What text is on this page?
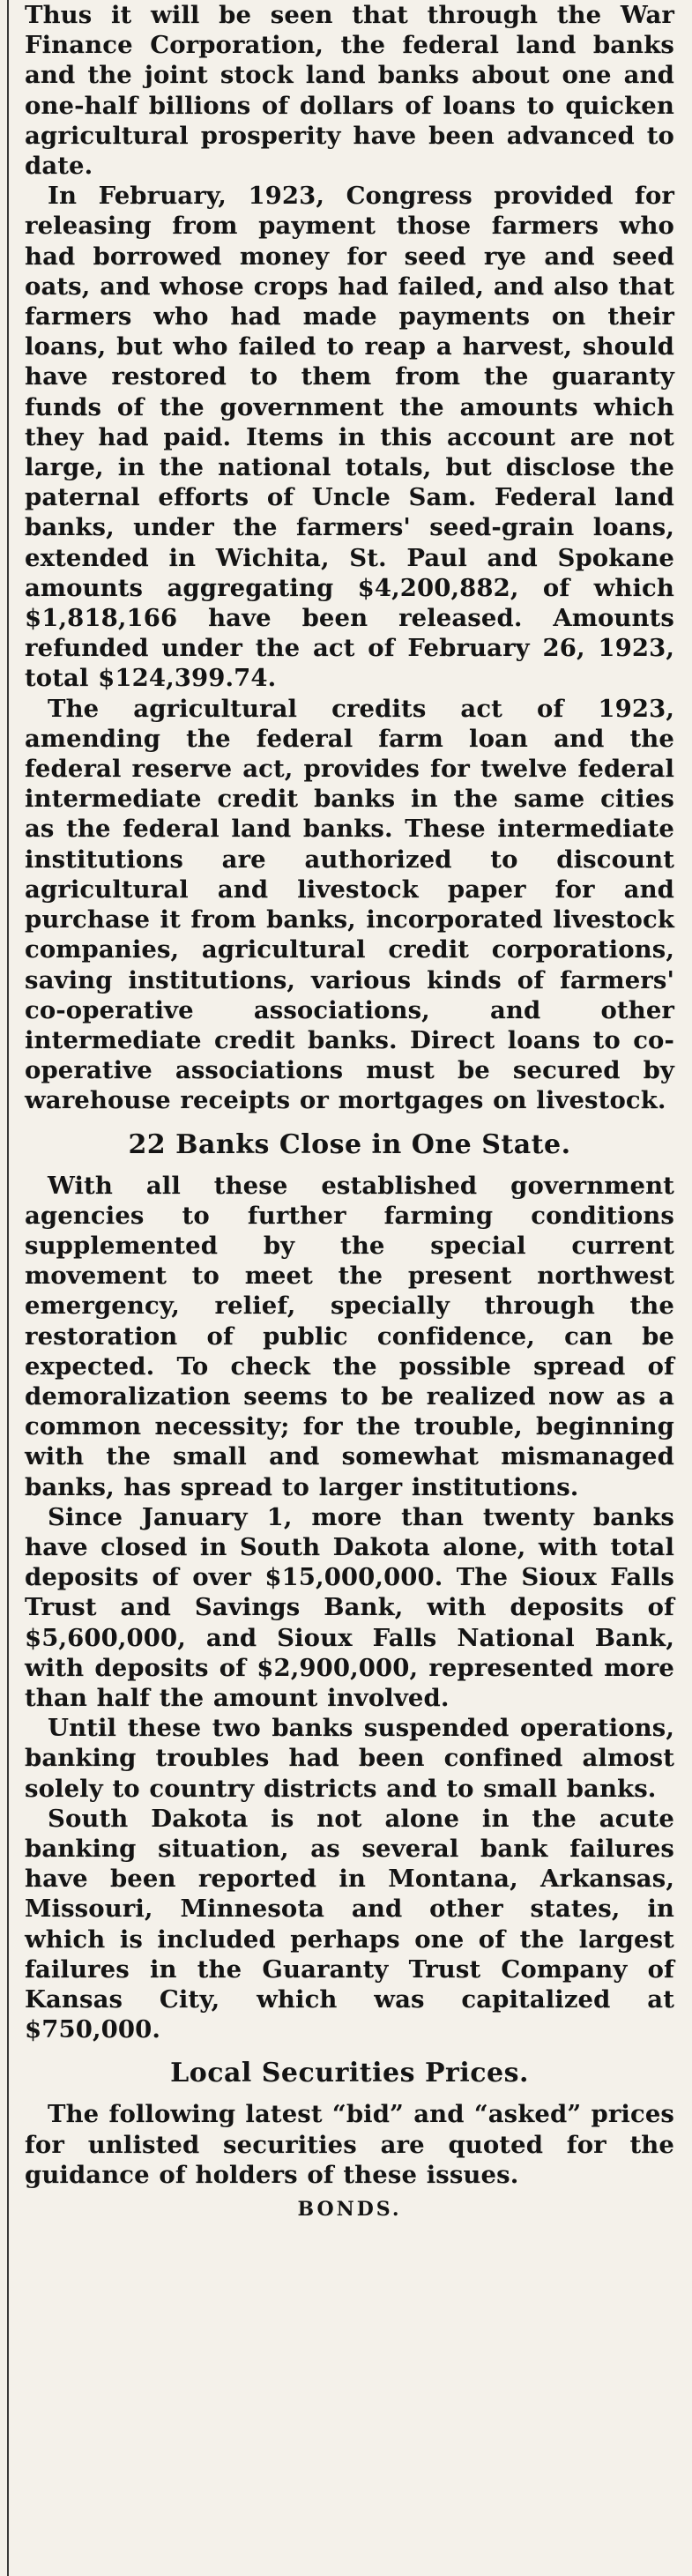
Thus it will be seen that through the War Finance Corporation, the federal land banks and the joint stock land banks about one and one-half billions of dollars of loans to quicken agricultural prosperity have been advanced to date.

In February, 1923, Congress provided for releasing from payment those farmers who had borrowed money for seed rye and seed oats, and whose crops had failed, and also that farmers who had made payments on their loans, but who failed to reap a harvest, should have restored to them from the guaranty funds of the government the amounts which they had paid. Items in this account are not large, in the national totals, but disclose the paternal efforts of Uncle Sam. Federal land banks, under the farmers' seed-grain loans, extended in Wichita, St. Paul and Spokane amounts aggregating $4,200,882, of which $1,818,166 have been released. Amounts refunded under the act of February 26, 1923, total $124,399.74.

The agricultural credits act of 1923, amending the federal farm loan and the federal reserve act, provides for twelve federal intermediate credit banks in the same cities as the federal land banks. These intermediate institutions are authorized to discount agricultural and livestock paper for and purchase it from banks, incorporated livestock companies, agricultural credit corporations, saving institutions, various kinds of farmers' co-operative associations, and other intermediate credit banks. Direct loans to co-operative associations must be secured by warehouse receipts or mortgages on livestock.

22 Banks Close in One State.

With all these established government agencies to further farming conditions supplemented by the special current movement to meet the present northwest emergency, relief, specially through the restoration of public confidence, can be expected. To check the possible spread of demoralization seems to be realized now as a common necessity; for the trouble, beginning with the small and somewhat mismanaged banks, has spread to larger institutions.

Since January 1, more than twenty banks have closed in South Dakota alone, with total deposits of over $15,000,000. The Sioux Falls Trust and Savings Bank, with deposits of $5,600,000, and Sioux Falls National Bank, with deposits of $2,900,000, represented more than half the amount involved.

Until these two banks suspended operations, banking troubles had been confined almost solely to country districts and to small banks.

South Dakota is not alone in the acute banking situation, as several bank failures have been reported in Montana, Arkansas, Missouri, Minnesota and other states, in which is included perhaps one of the largest failures in the Guaranty Trust Company of Kansas City, which was capitalized at $750,000.

Local Securities Prices.

The following latest “bid” and “asked” prices for unlisted securities are quoted for the guidance of holders of these issues.

BONDS.
